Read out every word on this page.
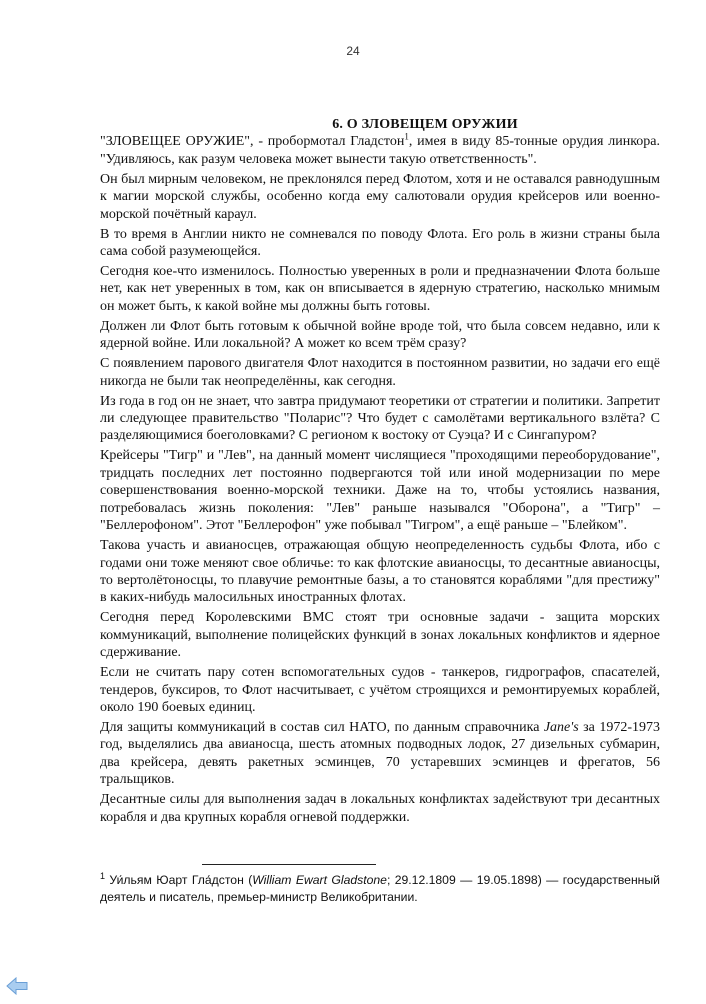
24
6. О ЗЛОВЕЩЕМ ОРУЖИИ

"ЗЛОВЕЩЕЕ ОРУЖИЕ", - пробормотал Гладстон$^1$, имея в виду 85-тонные орудия линкора. "Удивляюсь, как разум человека может вынести такую ответственность".

Он был мирным человеком, не преклонялся перед Флотом, хотя и не оставался равнодушным к магии морской службы, особенно когда ему салютовали орудия крейсеров или военно-морской почётный караул.

В то время в Англии никто не сомневался по поводу Флота. Его роль в жизни страны была сама собой разумеющейся.

Сегодня кое-что изменилось. Полностью уверенных в роли и предназначении Флота больше нет, как нет уверенных в том, как он вписывается в ядерную стратегию, насколько мнимым он может быть, к какой войне мы должны быть готовы.

Должен ли Флот быть готовым к обычной войне вроде той, что была совсем недавно, или к ядерной войне. Или локальной? А может ко всем трём сразу?

С появлением парового двигателя Флот находится в постоянном развитии, но задачи его ещё никогда не были так неопределённы, как сегодня.

Из года в год он не знает, что завтра придумают теоретики от стратегии и политики. Запретит ли следующее правительство "Поларис"? Что будет с самолётами вертикального взлёта? С разделяющимися боеголовками? С регионом к востоку от Суэца? И с Сингапуром?

Крейсеры "Тигр" и "Лев", на данный момент числящиеся "проходящими переоборудование", тридцать последних лет постоянно подвергаются той или иной модернизации по мере совершенствования военно-морской техники. Даже на то, чтобы устоялись названия, потребовалась жизнь поколения: "Лев" раньше назывался "Оборона", а "Тигр" – "Беллерофоном". Этот "Беллерофон" уже побывал "Тигром", а ещё раньше – "Блейком".

Такова участь и авианосцев, отражающая общую неопределенность судьбы Флота, ибо с годами они тоже меняют свое обличье: то как флотские авианосцы, то десантные авианосцы, то вертолётоносцы, то плавучие ремонтные базы, а то становятся кораблями "для престижу" в каких-нибудь малосильных иностранных флотах.

Сегодня перед Королевскими ВМС стоят три основные задачи - защита морских коммуникаций, выполнение полицейских функций в зонах локальных конфликтов и ядерное сдерживание.

Если не считать пару сотен вспомогательных судов - танкеров, гидрографов, спасателей, тендеров, буксиров, то Флот насчитывает, с учётом строящихся и ремонтируемых кораблей, около 190 боевых единиц.

Для защиты коммуникаций в состав сил НАТО, по данным справочника Jane's за 1972-1973 год, выделялись два авианосца, шесть атомных подводных лодок, 27 дизельных субмарин, два крейсера, девять ракетных эсминцев, 70 устаревших эсминцев и фрегатов, 56 тральщиков.

Десантные силы для выполнения задач в локальных конфликтах задействуют три десантных корабля и два крупных корабля огневой поддержки.

$^1$ Уи́льям Юарт Гла́дстон (William Ewart Gladstone; 29.12.1809 — 19.05.1898) — государственный деятель и писатель, премьер-министр Великобритании.
